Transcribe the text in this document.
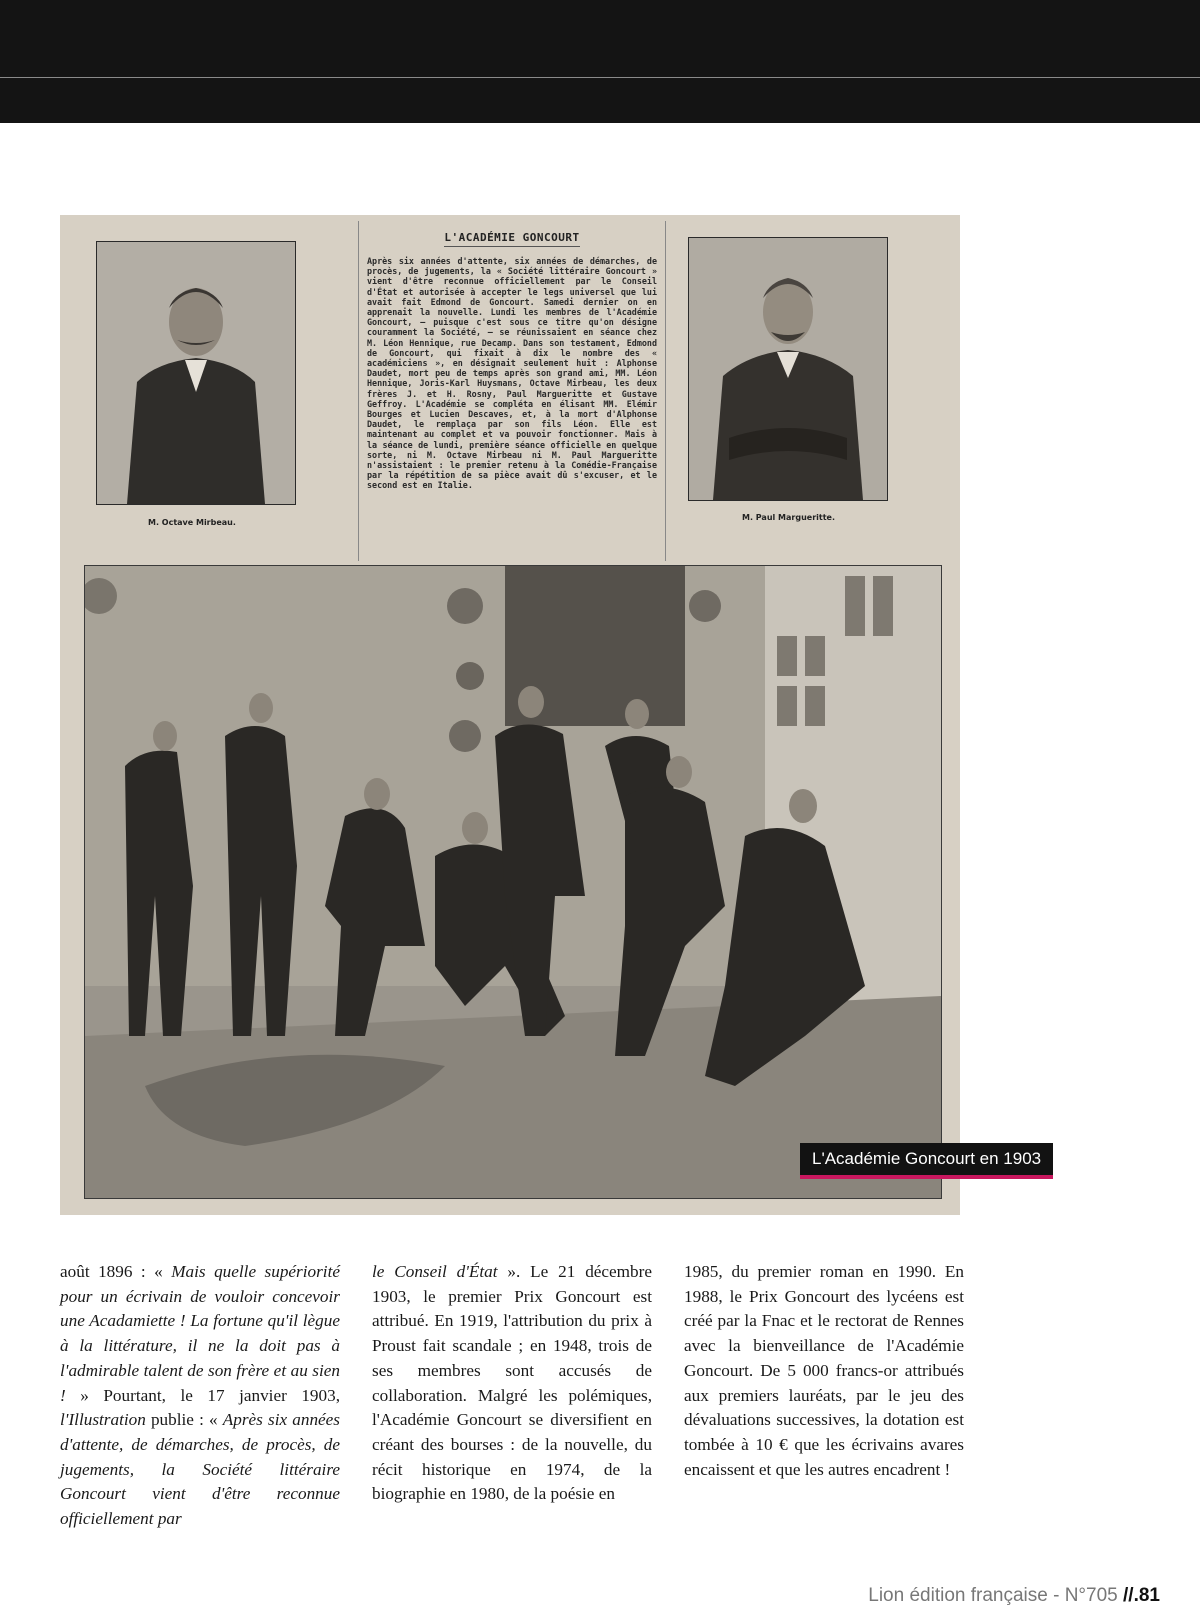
M. Octave Mirbeau.
L'ACADÉMIE GONCOURT

Après six années d'attente, six années de démarches, de procès, de jugements, la « Société littéraire Goncourt » vient d'être reconnue officiellement par le Conseil d'État et autorisée à accepter le legs universel que lui avait fait Edmond de Goncourt. Samedi dernier on en apprenait la nouvelle. Lundi les membres de l'Académie Goncourt, — puisque c'est sous ce titre qu'on désigne couramment la Société, — se réunissaient en séance chez M. Léon Hennique, rue Decamp. Dans son testament, Edmond de Goncourt, qui fixait à dix le nombre des « académiciens », en désignait seulement huit : Alphonse Daudet, mort peu de temps après son grand ami, MM. Léon Hennique, Joris-Karl Huysmans, Octave Mirbeau, les deux frères J. et H. Rosny, Paul Margueritte et Gustave Geffroy. L'Académie se compléta en élisant MM. Elémir Bourges et Lucien Descaves, et, à la mort d'Alphonse Daudet, le remplaça par son fils Léon. Elle est maintenant au complet et va pouvoir fonctionner. Mais à la séance de lundi, première séance officielle en quelque sorte, ni M. Octave Mirbeau ni M. Paul Margueritte n'assistaient : le premier retenu à la Comédie-Française par la répétition de sa pièce avait dû s'excuser, et le second est en Italie.

M. Paul Margueritte.
L'Académie Goncourt en 1903

août 1896 : « Mais quelle supériorité pour un écrivain de vouloir concevoir une Acadamiette ! La fortune qu'il lègue à la littérature, il ne la doit pas à l'admirable talent de son frère et au sien ! » Pourtant, le 17 janvier 1903, l'Illustration publie : « Après six années d'attente, de démarches, de procès, de jugements, la Société littéraire Goncourt vient d'être reconnue officiellement par

le Conseil d'État ». Le 21 décembre 1903, le premier Prix Goncourt est attribué. En 1919, l'attribution du prix à Proust fait scandale ; en 1948, trois de ses membres sont accusés de collaboration. Malgré les polémiques, l'Académie Goncourt se diversifient en créant des bourses : de la nouvelle, du récit historique en 1974, de la biographie en 1980, de la poésie en

1985, du premier roman en 1990. En 1988, le Prix Goncourt des lycéens est créé par la Fnac et le rectorat de Rennes avec la bienveillance de l'Académie Goncourt. De 5 000 francs-or attribués aux premiers lauréats, par le jeu des dévaluations successives, la dotation est tombée à 10 € que les écrivains avares encaissent et que les autres encadrent !

Lion édition française - N°705 //.81
